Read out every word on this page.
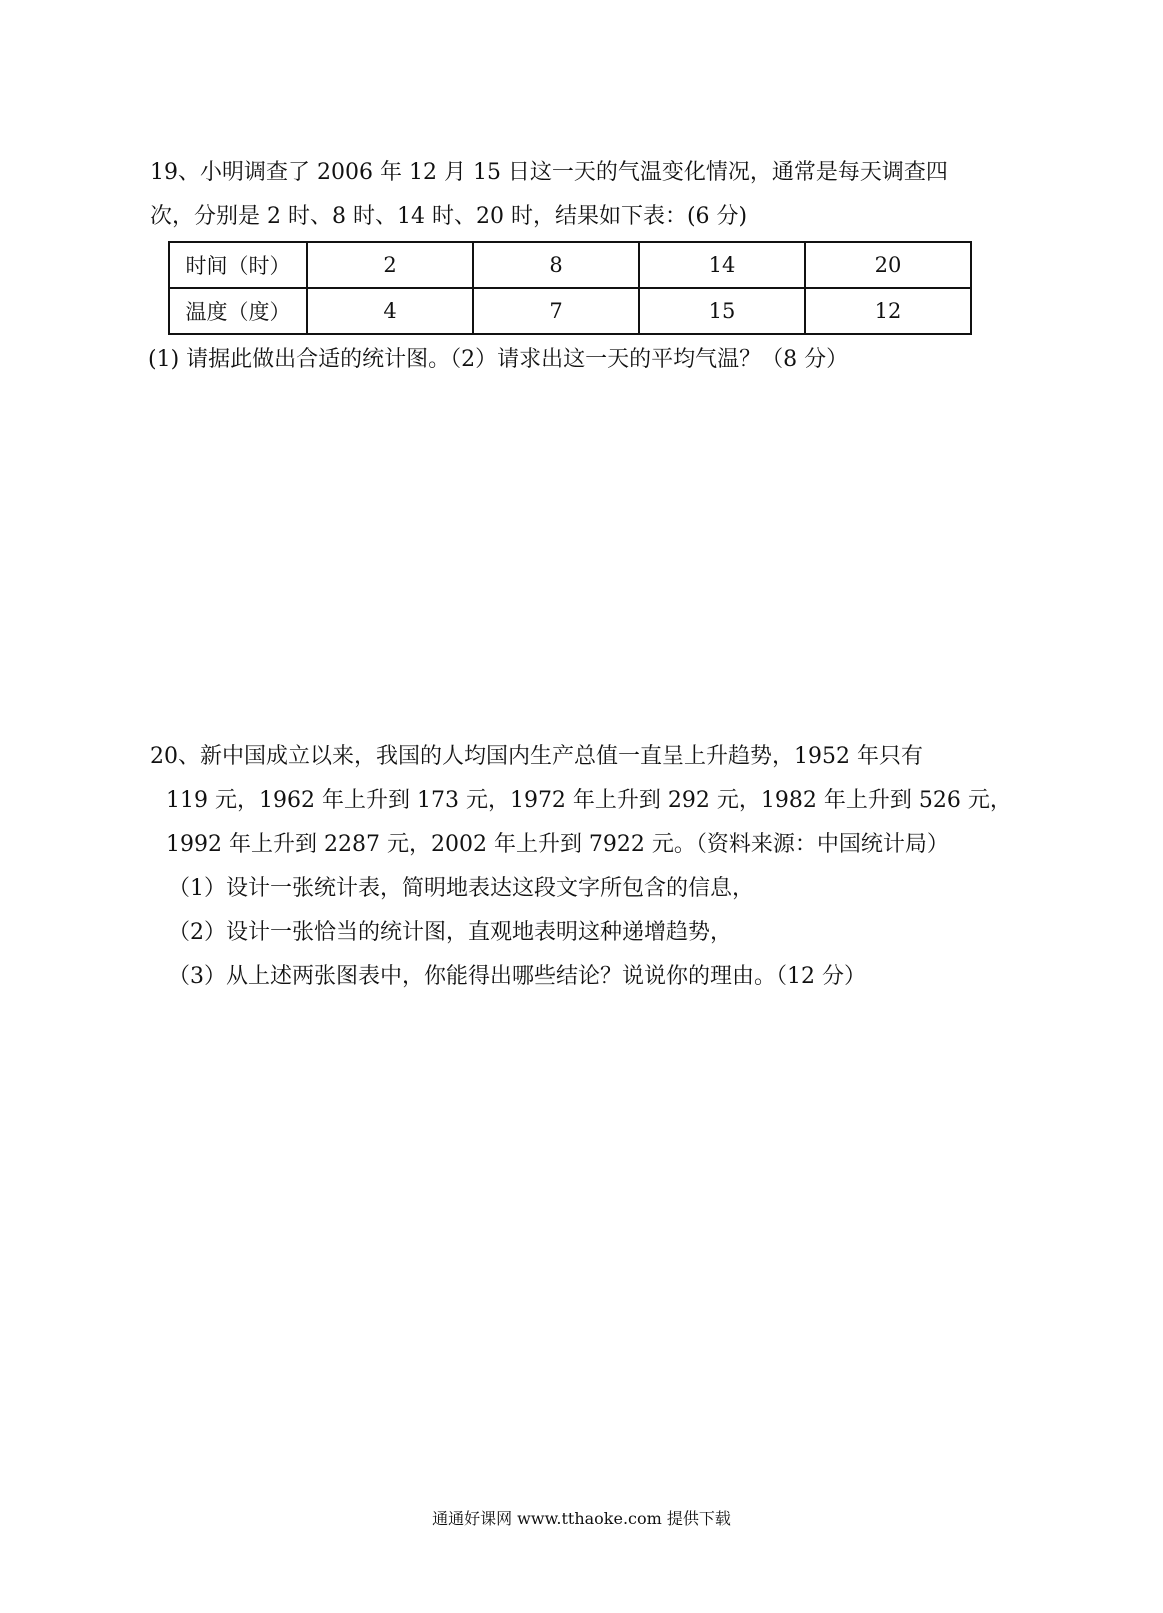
19、小明调查了 2006 年 12 月 15 日这一天的气温变化情况，通常是每天调查四
次，分别是 2 时、8 时、14 时、20 时，结果如下表：(6 分)
时间（时）	2	8	14	20
温度（度）	4	7	15	12
(1) 请据此做出合适的统计图。（2）请求出这一天的平均气温？（8 分）
20、新中国成立以来，我国的人均国内生产总值一直呈上升趋势，1952 年只有
119 元，1962 年上升到 173 元，1972 年上升到 292 元，1982 年上升到 526 元，
1992 年上升到 2287 元，2002 年上升到 7922 元。（资料来源：中国统计局）
（1）设计一张统计表，简明地表达这段文字所包含的信息，
（2）设计一张恰当的统计图，直观地表明这种递增趋势，
（3）从上述两张图表中，你能得出哪些结论？说说你的理由。（12 分）
通通好课网 www.tthaoke.com 提供下载
